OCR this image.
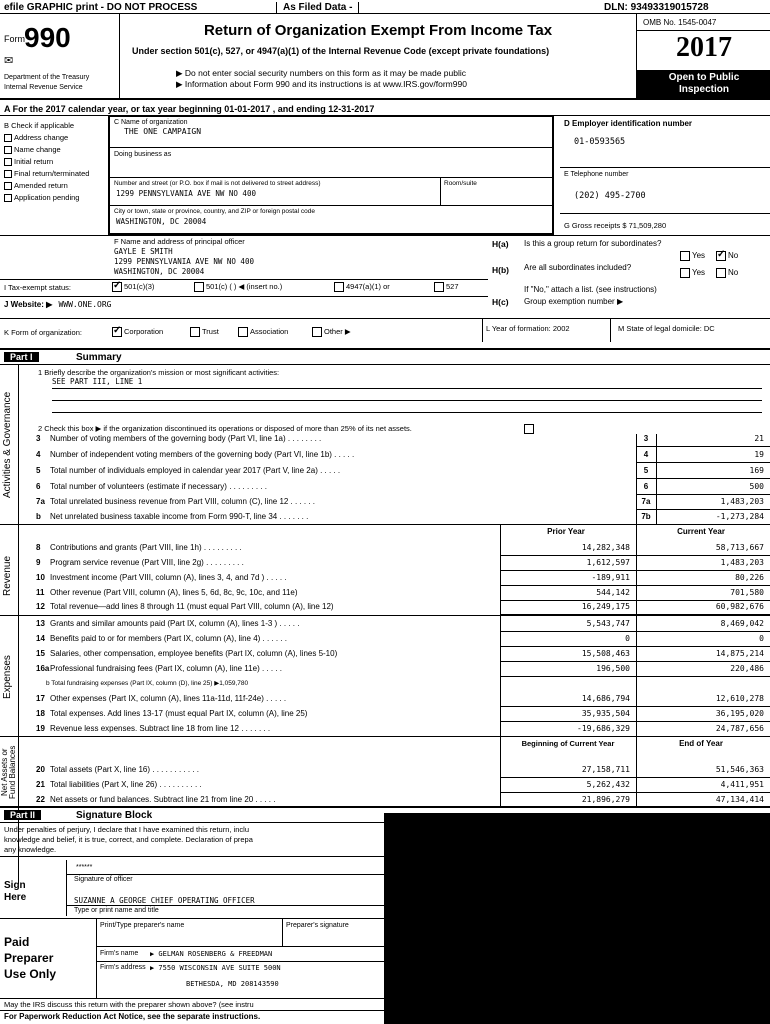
efile GRAPHIC print - DO NOT PROCESS	As Filed Data -	DLN: 93493319015728
Form 990
✉
Department of the Treasury
Internal Revenue Service
Return of Organization Exempt From Income Tax
Under section 501(c), 527, or 4947(a)(1) of the Internal Revenue Code (except private foundations)
▶ Do not enter social security numbers on this form as it may be made public
▶ Information about Form 990 and its instructions is at www.IRS.gov/form990
OMB No. 1545-0047
2017
Open to Public Inspection
A For the 2017 calendar year, or tax year beginning 01-01-2017 , and ending 12-31-2017
B Check if applicable
Address change
Name change
Initial return
Final return/terminated
Amended return
Application pending
C Name of organization
THE ONE CAMPAIGN
Doing business as
Number and street (or P.O. box if mail is not delivered to street address)	Room/suite
1299 PENNSYLVANIA AVE NW NO 400
City or town, state or province, country, and ZIP or foreign postal code
WASHINGTON, DC 20004
D Employer identification number
01-0593565
E Telephone number
(202) 495-2700
G Gross receipts $ 71,509,280
F Name and address of principal officer
GAYLE E SMITH
1299 PENNSYLVANIA AVE NW NO 400
WASHINGTON, DC 20004
H(a) Is this a group return for subordinates?
Yes ✓	No
H(b) Are all subordinates included?
Yes	No
If "No," attach a list. (see instructions)
H(c) Group exemption number ▶
I Tax-exempt status: ✓	501(c)(3)	501(c) ( ) ◀ (insert no.)	4947(a)(1) or	527
J Website: ▶ WWW.ONE.ORG
K Form of organization: ✓	Corporation	Trust	Association	Other ▶	L Year of formation: 2002	M State of legal domicile: DC
Part I	Summary
Activities & Governance
1 Briefly describe the organization's mission or most significant activities:
SEE PART III, LINE 1
2 Check this box ▶ if the organization discontinued its operations or disposed of more than 25% of its net assets.
3 Number of voting members of the governing body (Part VI, line 1a) . . . . . . . .	3	21
4 Number of independent voting members of the governing body (Part VI, line 1b) . . . . .	4	19
5 Total number of individuals employed in calendar year 2017 (Part V, line 2a) . . . . .	5	169
6 Total number of volunteers (estimate if necessary) . . . . . . . . .	6	500
7a Total unrelated business revenue from Part VIII, column (C), line 12 . . . . . .	7a	1,483,203
b Net unrelated business taxable income from Form 990-T, line 34 . . . . . . .	7b	-1,273,284
Prior Year	Current Year
Revenue
8 Contributions and grants (Part VIII, line 1h) . . . . . . . . .	14,282,348	58,713,667
9 Program service revenue (Part VIII, line 2g) . . . . . . . . .	1,612,597	1,483,203
10 Investment income (Part VIII, column (A), lines 3, 4, and 7d ) . . . . .	-189,911	80,226
11 Other revenue (Part VIII, column (A), lines 5, 6d, 8c, 9c, 10c, and 11e)	544,142	701,580
12 Total revenue—add lines 8 through 11 (must equal Part VIII, column (A), line 12)	16,249,175	60,982,676
Expenses
13 Grants and similar amounts paid (Part IX, column (A), lines 1-3 ) . . . . .	5,543,747	8,469,042
14 Benefits paid to or for members (Part IX, column (A), line 4) . . . . . .	0	0
15 Salaries, other compensation, employee benefits (Part IX, column (A), lines 5-10)	15,508,463	14,875,214
16aProfessional fundraising fees (Part IX, column (A), line 11e) . . . . .	196,500	220,486
b Total fundraising expenses (Part IX, column (D), line 25) ▶1,059,780
17 Other expenses (Part IX, column (A), lines 11a-11d, 11f-24e) . . . . .	14,686,794	12,610,278
18 Total expenses. Add lines 13-17 (must equal Part IX, column (A), line 25)	35,935,504	36,195,020
19 Revenue less expenses. Subtract line 18 from line 12 . . . . . . .	-19,686,329	24,787,656
Beginning of Current Year	End of Year
Net Assets or Fund Balances 20 Total assets (Part X, line 16) . . . . . . . . . . .	27,158,711	51,546,363
21 Total liabilities (Part X, line 26) . . . . . . . . . .	5,262,432	4,411,951
22 Net assets or fund balances. Subtract line 21 from line 20 . . . . .	21,896,279	47,134,414
Part II	Signature Block
Under penalties of perjury, I declare that I have examined this return, inclu
knowledge and belief, it is true, correct, and complete. Declaration of prepa
any knowledge.
Sign
Here
******
Signature of officer
SUZANNE A GEORGE CHIEF OPERATING OFFICER
Type or print name and title
Paid
Preparer
Use Only
Print/Type preparer's name	Preparer's signature
Firm's name ▶ GELMAN ROSENBERG & FREEDMAN
Firm's address ▶ 7550 WISCONSIN AVE SUITE 500N
BETHESDA, MD 208143590
May the IRS discuss this return with the preparer shown above? (see instru
For Paperwork Reduction Act Notice, see the separate instructions.
